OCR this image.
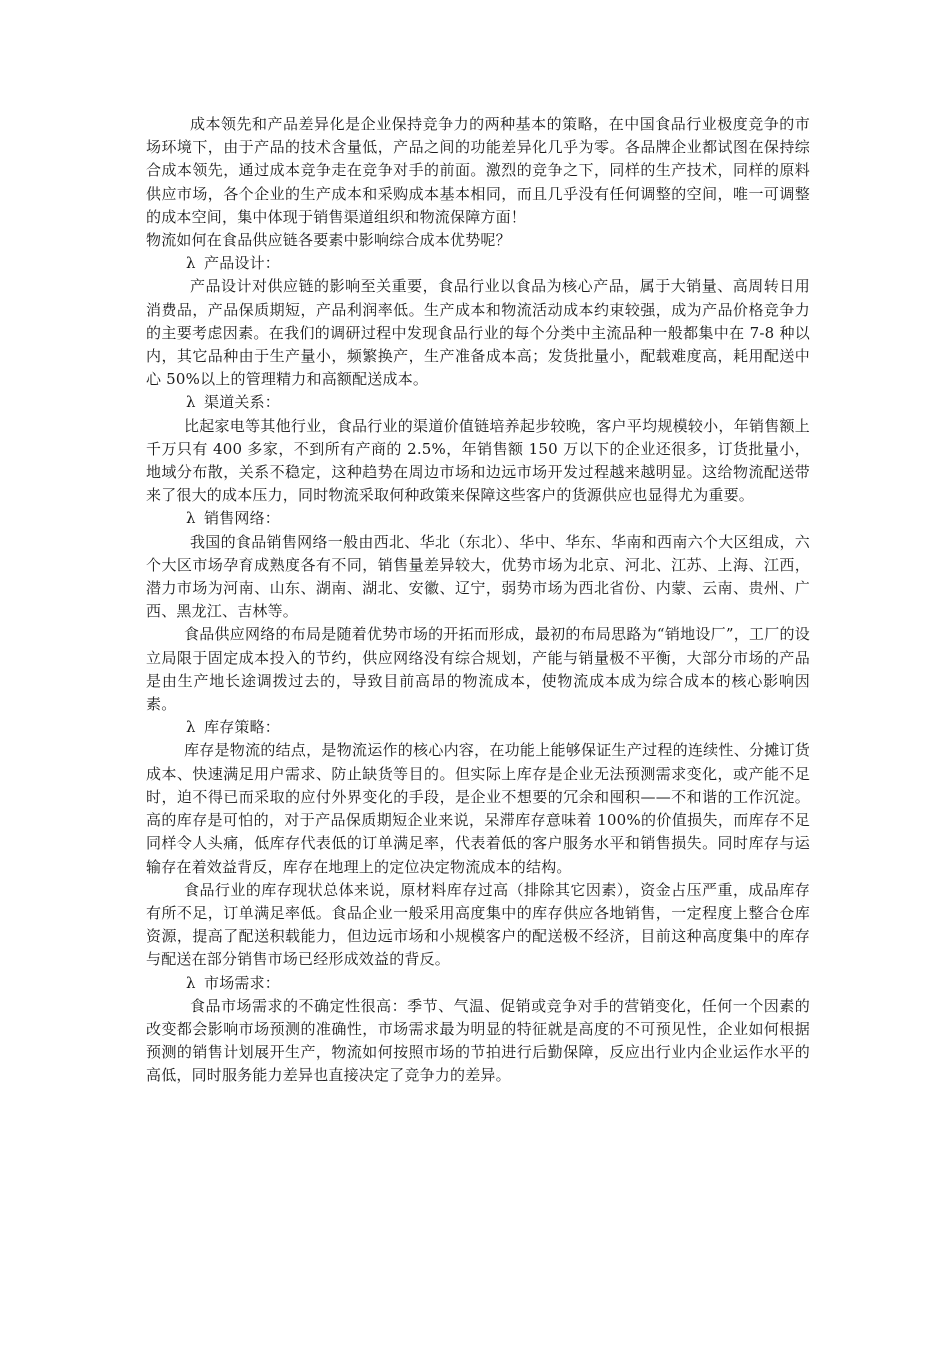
成本领先和产品差异化是企业保持竞争力的两种基本的策略，在中国食品行业极度竞争的市场环境下，由于产品的技术含量低，产品之间的功能差异化几乎为零。各品牌企业都试图在保持综合成本领先，通过成本竞争走在竞争对手的前面。激烈的竞争之下，同样的生产技术，同样的原料供应市场，各个企业的生产成本和采购成本基本相同，而且几乎没有任何调整的空间，唯一可调整的成本空间，集中体现于销售渠道组织和物流保障方面！

物流如何在食品供应链各要素中影响综合成本优势呢？

λ 产品设计：

产品设计对供应链的影响至关重要，食品行业以食品为核心产品，属于大销量、高周转日用消费品，产品保质期短，产品利润率低。生产成本和物流活动成本约束较强，成为产品价格竞争力的主要考虑因素。在我们的调研过程中发现食品行业的每个分类中主流品种一般都集中在 7-8 种以内，其它品种由于生产量小，频繁换产，生产准备成本高；发货批量小，配载难度高，耗用配送中心 50%以上的管理精力和高额配送成本。

λ 渠道关系：

比起家电等其他行业，食品行业的渠道价值链培养起步较晚，客户平均规模较小，年销售额上千万只有 400 多家，不到所有产商的 2.5%，年销售额 150 万以下的企业还很多，订货批量小，地域分布散，关系不稳定，这种趋势在周边市场和边远市场开发过程越来越明显。这给物流配送带来了很大的成本压力，同时物流采取何种政策来保障这些客户的货源供应也显得尤为重要。

λ 销售网络：

我国的食品销售网络一般由西北、华北（东北）、华中、华东、华南和西南六个大区组成，六个大区市场孕育成熟度各有不同，销售量差异较大，优势市场为北京、河北、江苏、上海、江西，潜力市场为河南、山东、湖南、湖北、安徽、辽宁，弱势市场为西北省份、内蒙、云南、贵州、广西、黑龙江、吉林等。

食品供应网络的布局是随着优势市场的开拓而形成，最初的布局思路为“销地设厂”，工厂的设立局限于固定成本投入的节约，供应网络没有综合规划，产能与销量极不平衡，大部分市场的产品是由生产地长途调拨过去的，导致目前高昂的物流成本，使物流成本成为综合成本的核心影响因素。

λ 库存策略：

库存是物流的结点，是物流运作的核心内容，在功能上能够保证生产过程的连续性、分摊订货成本、快速满足用户需求、防止缺货等目的。但实际上库存是企业无法预测需求变化，或产能不足时，迫不得已而采取的应付外界变化的手段，是企业不想要的冗余和囤积——不和谐的工作沉淀。高的库存是可怕的，对于产品保质期短企业来说，呆滞库存意味着 100%的价值损失，而库存不足同样令人头痛，低库存代表低的订单满足率，代表着低的客户服务水平和销售损失。同时库存与运输存在着效益背反，库存在地理上的定位决定物流成本的结构。

食品行业的库存现状总体来说，原材料库存过高（排除其它因素），资金占压严重，成品库存有所不足，订单满足率低。食品企业一般采用高度集中的库存供应各地销售，一定程度上整合仓库资源，提高了配送积载能力，但边远市场和小规模客户的配送极不经济，目前这种高度集中的库存与配送在部分销售市场已经形成效益的背反。

λ 市场需求：

食品市场需求的不确定性很高：季节、气温、促销或竞争对手的营销变化，任何一个因素的改变都会影响市场预测的准确性，市场需求最为明显的特征就是高度的不可预见性，企业如何根据预测的销售计划展开生产，物流如何按照市场的节拍进行后勤保障，反应出行业内企业运作水平的高低，同时服务能力差异也直接决定了竞争力的差异。
